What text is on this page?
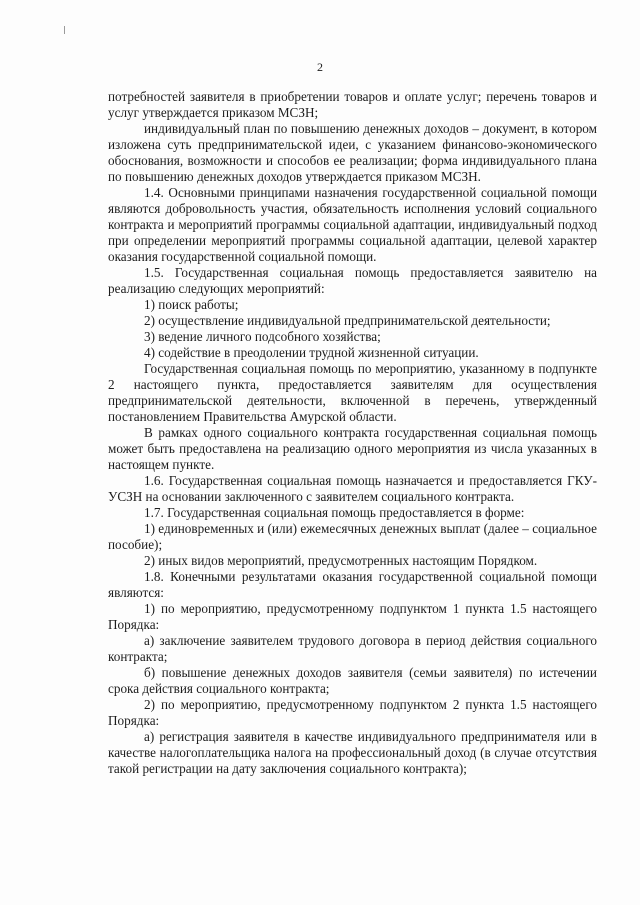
2

потребностей заявителя в приобретении товаров и оплате услуг; перечень товаров и услуг утверждается приказом МСЗН;

индивидуальный план по повышению денежных доходов – документ, в котором изложена суть предпринимательской идеи, с указанием финансово-экономического обоснования, возможности и способов ее реализации; форма индивидуального плана по повышению денежных доходов утверждается приказом МСЗН.

1.4. Основными принципами назначения государственной социальной помощи являются добровольность участия, обязательность исполнения условий социального контракта и мероприятий программы социальной адаптации, индивидуальный подход при определении мероприятий программы социальной адаптации, целевой характер оказания государственной социальной помощи.

1.5. Государственная социальная помощь предоставляется заявителю на реализацию следующих мероприятий:

1) поиск работы;

2) осуществление индивидуальной предпринимательской деятельности;

3) ведение личного подсобного хозяйства;

4) содействие в преодолении трудной жизненной ситуации.

Государственная социальная помощь по мероприятию, указанному в подпункте 2 настоящего пункта, предоставляется заявителям для осуществления предпринимательской деятельности, включенной в перечень, утвержденный постановлением Правительства Амурской области.

В рамках одного социального контракта государственная социальная помощь может быть предоставлена на реализацию одного мероприятия из числа указанных в настоящем пункте.

1.6. Государственная социальная помощь назначается и предоставляется ГКУ-УСЗН на основании заключенного с заявителем социального контракта.

1.7. Государственная социальная помощь предоставляется в форме:

1) единовременных и (или) ежемесячных денежных выплат (далее – социальное пособие);

2) иных видов мероприятий, предусмотренных настоящим Порядком.

1.8. Конечными результатами оказания государственной социальной помощи являются:

1) по мероприятию, предусмотренному подпунктом 1 пункта 1.5 настоящего Порядка:

а) заключение заявителем трудового договора в период действия социального контракта;

б) повышение денежных доходов заявителя (семьи заявителя) по истечении срока действия социального контракта;

2) по мероприятию, предусмотренному подпунктом 2 пункта 1.5 настоящего Порядка:

а) регистрация заявителя в качестве индивидуального предпринимателя или в качестве налогоплательщика налога на профессиональный доход (в случае отсутствия такой регистрации на дату заключения социального контракта);
